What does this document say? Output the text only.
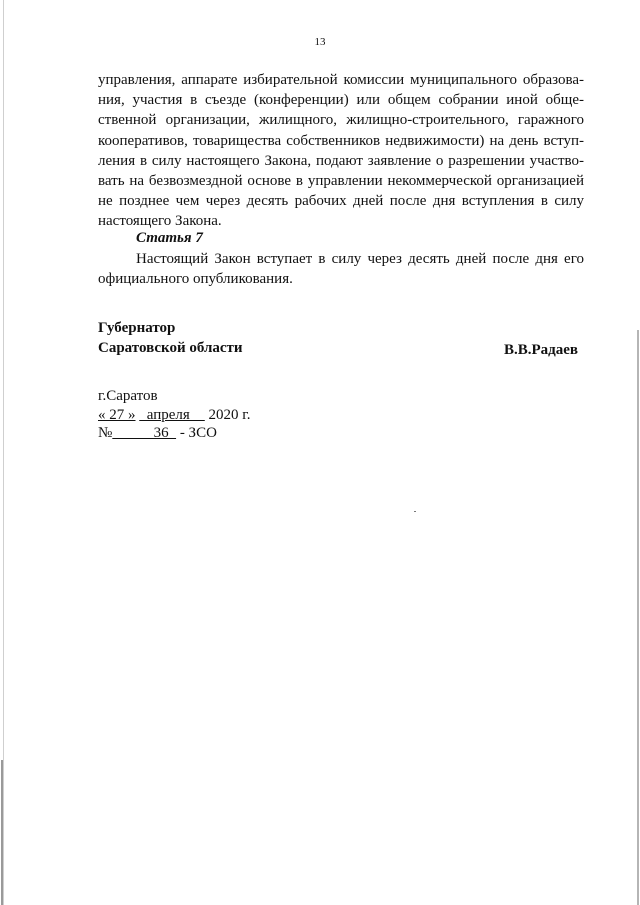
13
управления, аппарате избирательной комиссии муниципального образова-
ния, участия в съезде (конференции) или общем собрании иной обще-
ственной организации, жилищного, жилищно-строительного, гаражного
кооперативов, товарищества собственников недвижимости) на день вступ-
ления в силу настоящего Закона, подают заявление о разрешении участво-
вать на безвозмездной основе в управлении некоммерческой организацией
не позднее чем через десять рабочих дней после дня вступления в силу
настоящего Закона.
Статья 7
Настоящий Закон вступает в силу через десять дней после дня его
официального опубликования.
Губернатор
Саратовской области	В.В.Радаев
г.Саратов
« 27 »   апреля     2020 г.
№           36   - ЗСО
